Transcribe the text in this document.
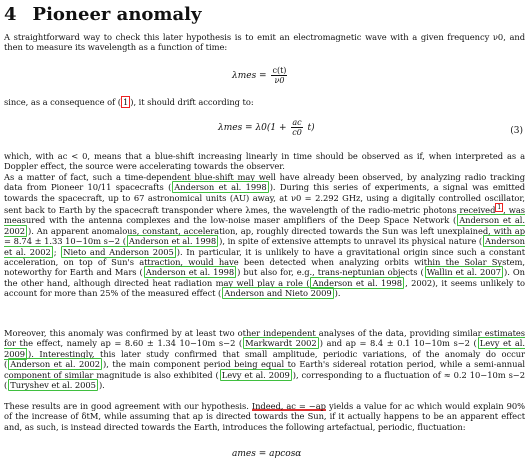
4 Pioneer anomaly
A straightforward way to check this later hypothesis is to emit an electromagnetic wave with a given frequency ν0, and then to measure its wavelength as a function of time:
$\lambda mes = \frac{c(t)}{\nu 0}$
since, as a consequence of ( 1 ), it should drift according to:
$\lambda mes = \lambda 0(1 + \frac{ac}{c0} t)$	(3)
which, with ac < 0, means that a blue-shift increasing linearly in time should be observed as if, when interpreted as a Doppler effect, the source were accelerating towards the observer.
As a matter of fact, such a time-dependent blue-shift may well have already been observed, by analyzing radio tracking data from Pioneer 10/11 spacecrafts ( Anderson et al. 1998 ). During this series of experiments, a signal was emitted towards the spacecraft, up to 67 astronomical units (AU) away, at ν0 = 2.292 GHz, using a digitally controlled oscillator, sent back to Earth by the spacecraft transponder where λmes, the wavelength of the radio-metric photons received $^1$ , was measured with the antenna complexes and the low-noise maser amplifiers of the Deep Space Network ( Anderson et al. 2002 ). An apparent anomalous, constant, acceleration, ap, roughly directed towards the Sun was left unexplained, with ap = 8.74 ± 1.33 10−10m s−2 ( Anderson et al. 1998 ), in spite of extensive attempts to unravel its physical nature ( Anderson et al. 2002 ; Nieto and Anderson 2005 ). In particular, it is unlikely to have a gravitational origin since such a constant acceleration, on top of Sun's attraction, would have been detected when analyzing orbits within the Solar System, noteworthy for Earth and Mars ( Anderson et al. 1998 ) but also for, e.g., trans-neptunian objects ( Wallin et al. 2007 ). On the other hand, although directed heat radiation may well play a role ( Anderson et al. 1998 , 2002), it seems unlikely to account for more than 25% of the measured effect ( Anderson and Nieto 2009 ).
Moreover, this anomaly was confirmed by at least two other independent analyses of the data, providing similar estimates for the effect, namely ap = 8.60 ± 1.34 10−10m s−2 ( Markwardt 2002 ) and ap = 8.4 ± 0.1 10−10m s−2 ( Levy et al. 2009 ). Interestingly, this later study confirmed that small amplitude, periodic variations, of the anomaly do occur ( Anderson et al. 2002 ), the main component period being equal to Earth's sidereal rotation period, while a semi-annual component of similar magnitude is also exhibited ( Levy et al. 2009 ), corresponding to a fluctuation of ≈ 0.2 10−10m s−2 ( Turyshev et al. 2005 ).
These results are in good agreement with our hypothesis. Indeed, ac = −ap yields a value for ac which would explain 90% of the increase of δtM, while assuming that ap is directed towards the Sun, if it actually happens to be an apparent effect and, as such, is instead directed towards the Earth, introduces the following artefactual, periodic, fluctuation:
ames = apcosα
